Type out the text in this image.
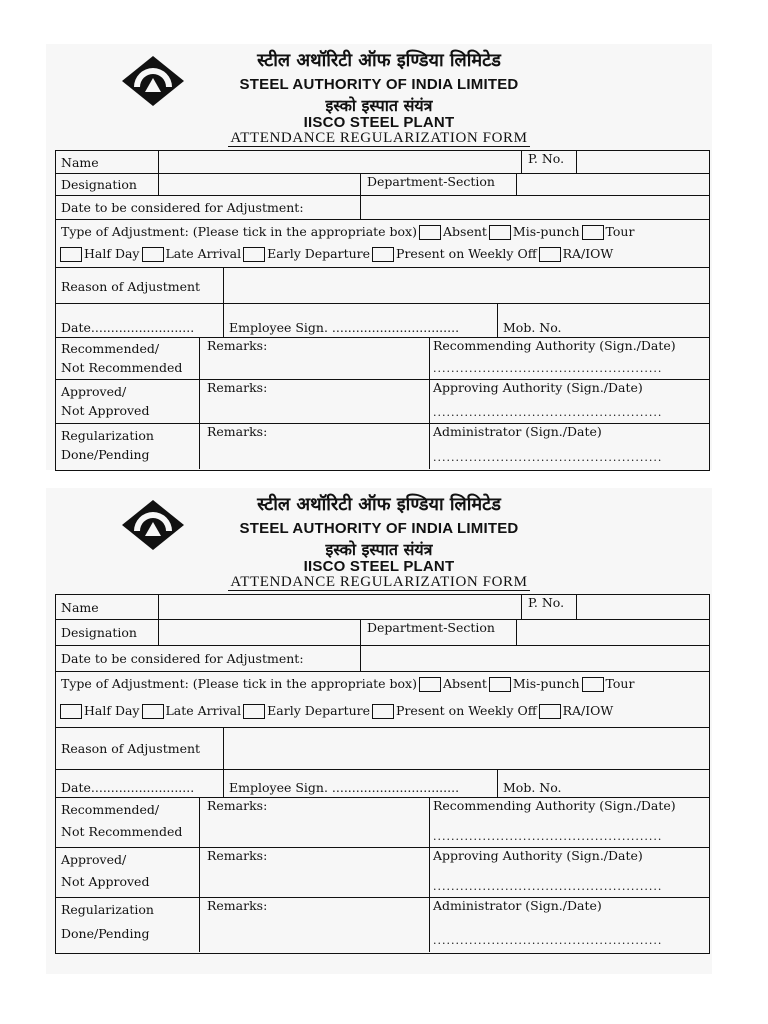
स्टील अथॉरिटी ऑफ इण्डिया लिमिटेड
STEEL AUTHORITY OF INDIA LIMITED
इस्को इस्पात संयंत्र
IISCO STEEL PLANT
ATTENDANCE REGULARIZATION FORM
Name	P. No.
Designation	Department-Section
Date to be considered for Adjustment:
Type of Adjustment: (Please tick in the appropriate box) Absent Mis-punch Tour
Half Day Late Arrival Early Departure Present on Weekly Off RA/IOW
Reason of Adjustment
Date..........................	Employee Sign. ................................	Mob. No.
Recommended/
Not Recommended
Remarks:	Recommending Authority (Sign./Date)
...................................................
Approved/
Not Approved
Remarks:	Approving Authority (Sign./Date)
...................................................
Regularization
Done/Pending
Remarks:	Administrator (Sign./Date)
...................................................
स्टील अथॉरिटी ऑफ इण्डिया लिमिटेड
STEEL AUTHORITY OF INDIA LIMITED
इस्को इस्पात संयंत्र
IISCO STEEL PLANT
ATTENDANCE REGULARIZATION FORM
Name	P. No.
Designation	Department-Section
Date to be considered for Adjustment:
Type of Adjustment: (Please tick in the appropriate box) Absent Mis-punch Tour
Half Day Late Arrival Early Departure Present on Weekly Off RA/IOW
Reason of Adjustment
Date..........................	Employee Sign. ................................	Mob. No.
Recommended/
Not Recommended
Remarks:	Recommending Authority (Sign./Date)
...................................................
Approved/
Not Approved
Remarks:	Approving Authority (Sign./Date)
...................................................
Regularization
Done/Pending
Remarks:	Administrator (Sign./Date)
...................................................
